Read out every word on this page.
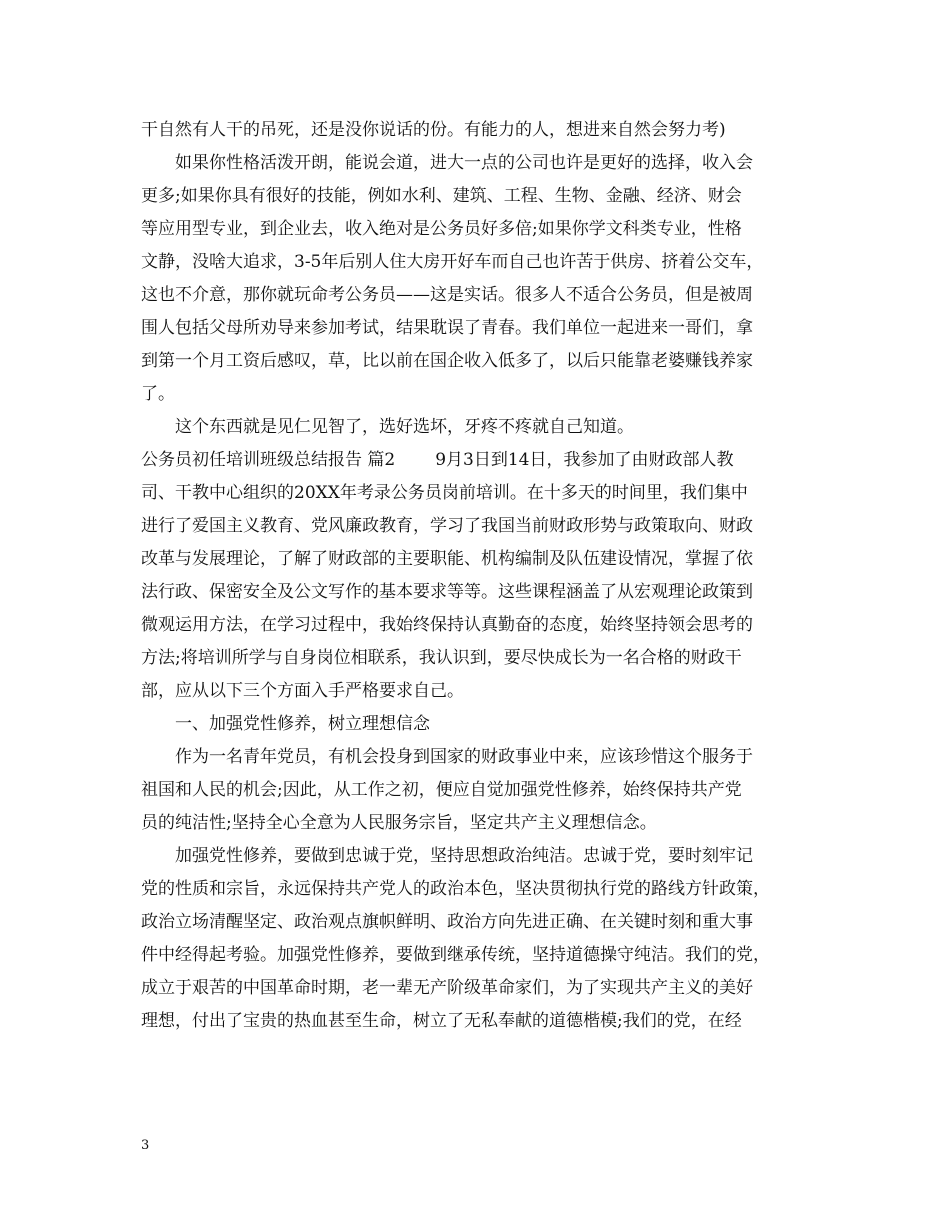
干自然有人干的吊死，还是没你说话的份。有能力的人，想进来自然会努力考)
如果你性格活泼开朗，能说会道，进大一点的公司也许是更好的选择，收入会
更多;如果你具有很好的技能，例如水利、建筑、工程、生物、金融、经济、财会
等应用型专业，到企业去，收入绝对是公务员好多倍;如果你学文科类专业，性格
文静，没啥大追求，3-5年后别人住大房开好车而自己也许苦于供房、挤着公交车，
这也不介意，那你就玩命考公务员——这是实话。很多人不适合公务员，但是被周
围人包括父母所劝导来参加考试，结果耽误了青春。我们单位一起进来一哥们，拿
到第一个月工资后感叹，草，比以前在国企收入低多了，以后只能靠老婆赚钱养家
了。
这个东西就是见仁见智了，选好选坏，牙疼不疼就自己知道。
公务员初任培训班级总结报告 篇2 9月3日到14日，我参加了由财政部人教
司、干教中心组织的20XX年考录公务员岗前培训。在十多天的时间里，我们集中
进行了爱国主义教育、党风廉政教育，学习了我国当前财政形势与政策取向、财政
改革与发展理论，了解了财政部的主要职能、机构编制及队伍建设情况，掌握了依
法行政、保密安全及公文写作的基本要求等等。这些课程涵盖了从宏观理论政策到
微观运用方法，在学习过程中，我始终保持认真勤奋的态度，始终坚持领会思考的
方法;将培训所学与自身岗位相联系，我认识到，要尽快成长为一名合格的财政干
部，应从以下三个方面入手严格要求自己。
一、加强党性修养，树立理想信念
作为一名青年党员，有机会投身到国家的财政事业中来，应该珍惜这个服务于
祖国和人民的机会;因此，从工作之初，便应自觉加强党性修养，始终保持共产党
员的纯洁性;坚持全心全意为人民服务宗旨，坚定共产主义理想信念。
加强党性修养，要做到忠诚于党，坚持思想政治纯洁。忠诚于党，要时刻牢记
党的性质和宗旨，永远保持共产党人的政治本色，坚决贯彻执行党的路线方针政策，
政治立场清醒坚定、政治观点旗帜鲜明、政治方向先进正确、在关键时刻和重大事
件中经得起考验。加强党性修养，要做到继承传统，坚持道德操守纯洁。我们的党，
成立于艰苦的中国革命时期，老一辈无产阶级革命家们，为了实现共产主义的美好
理想，付出了宝贵的热血甚至生命，树立了无私奉献的道德楷模;我们的党，在经
3
